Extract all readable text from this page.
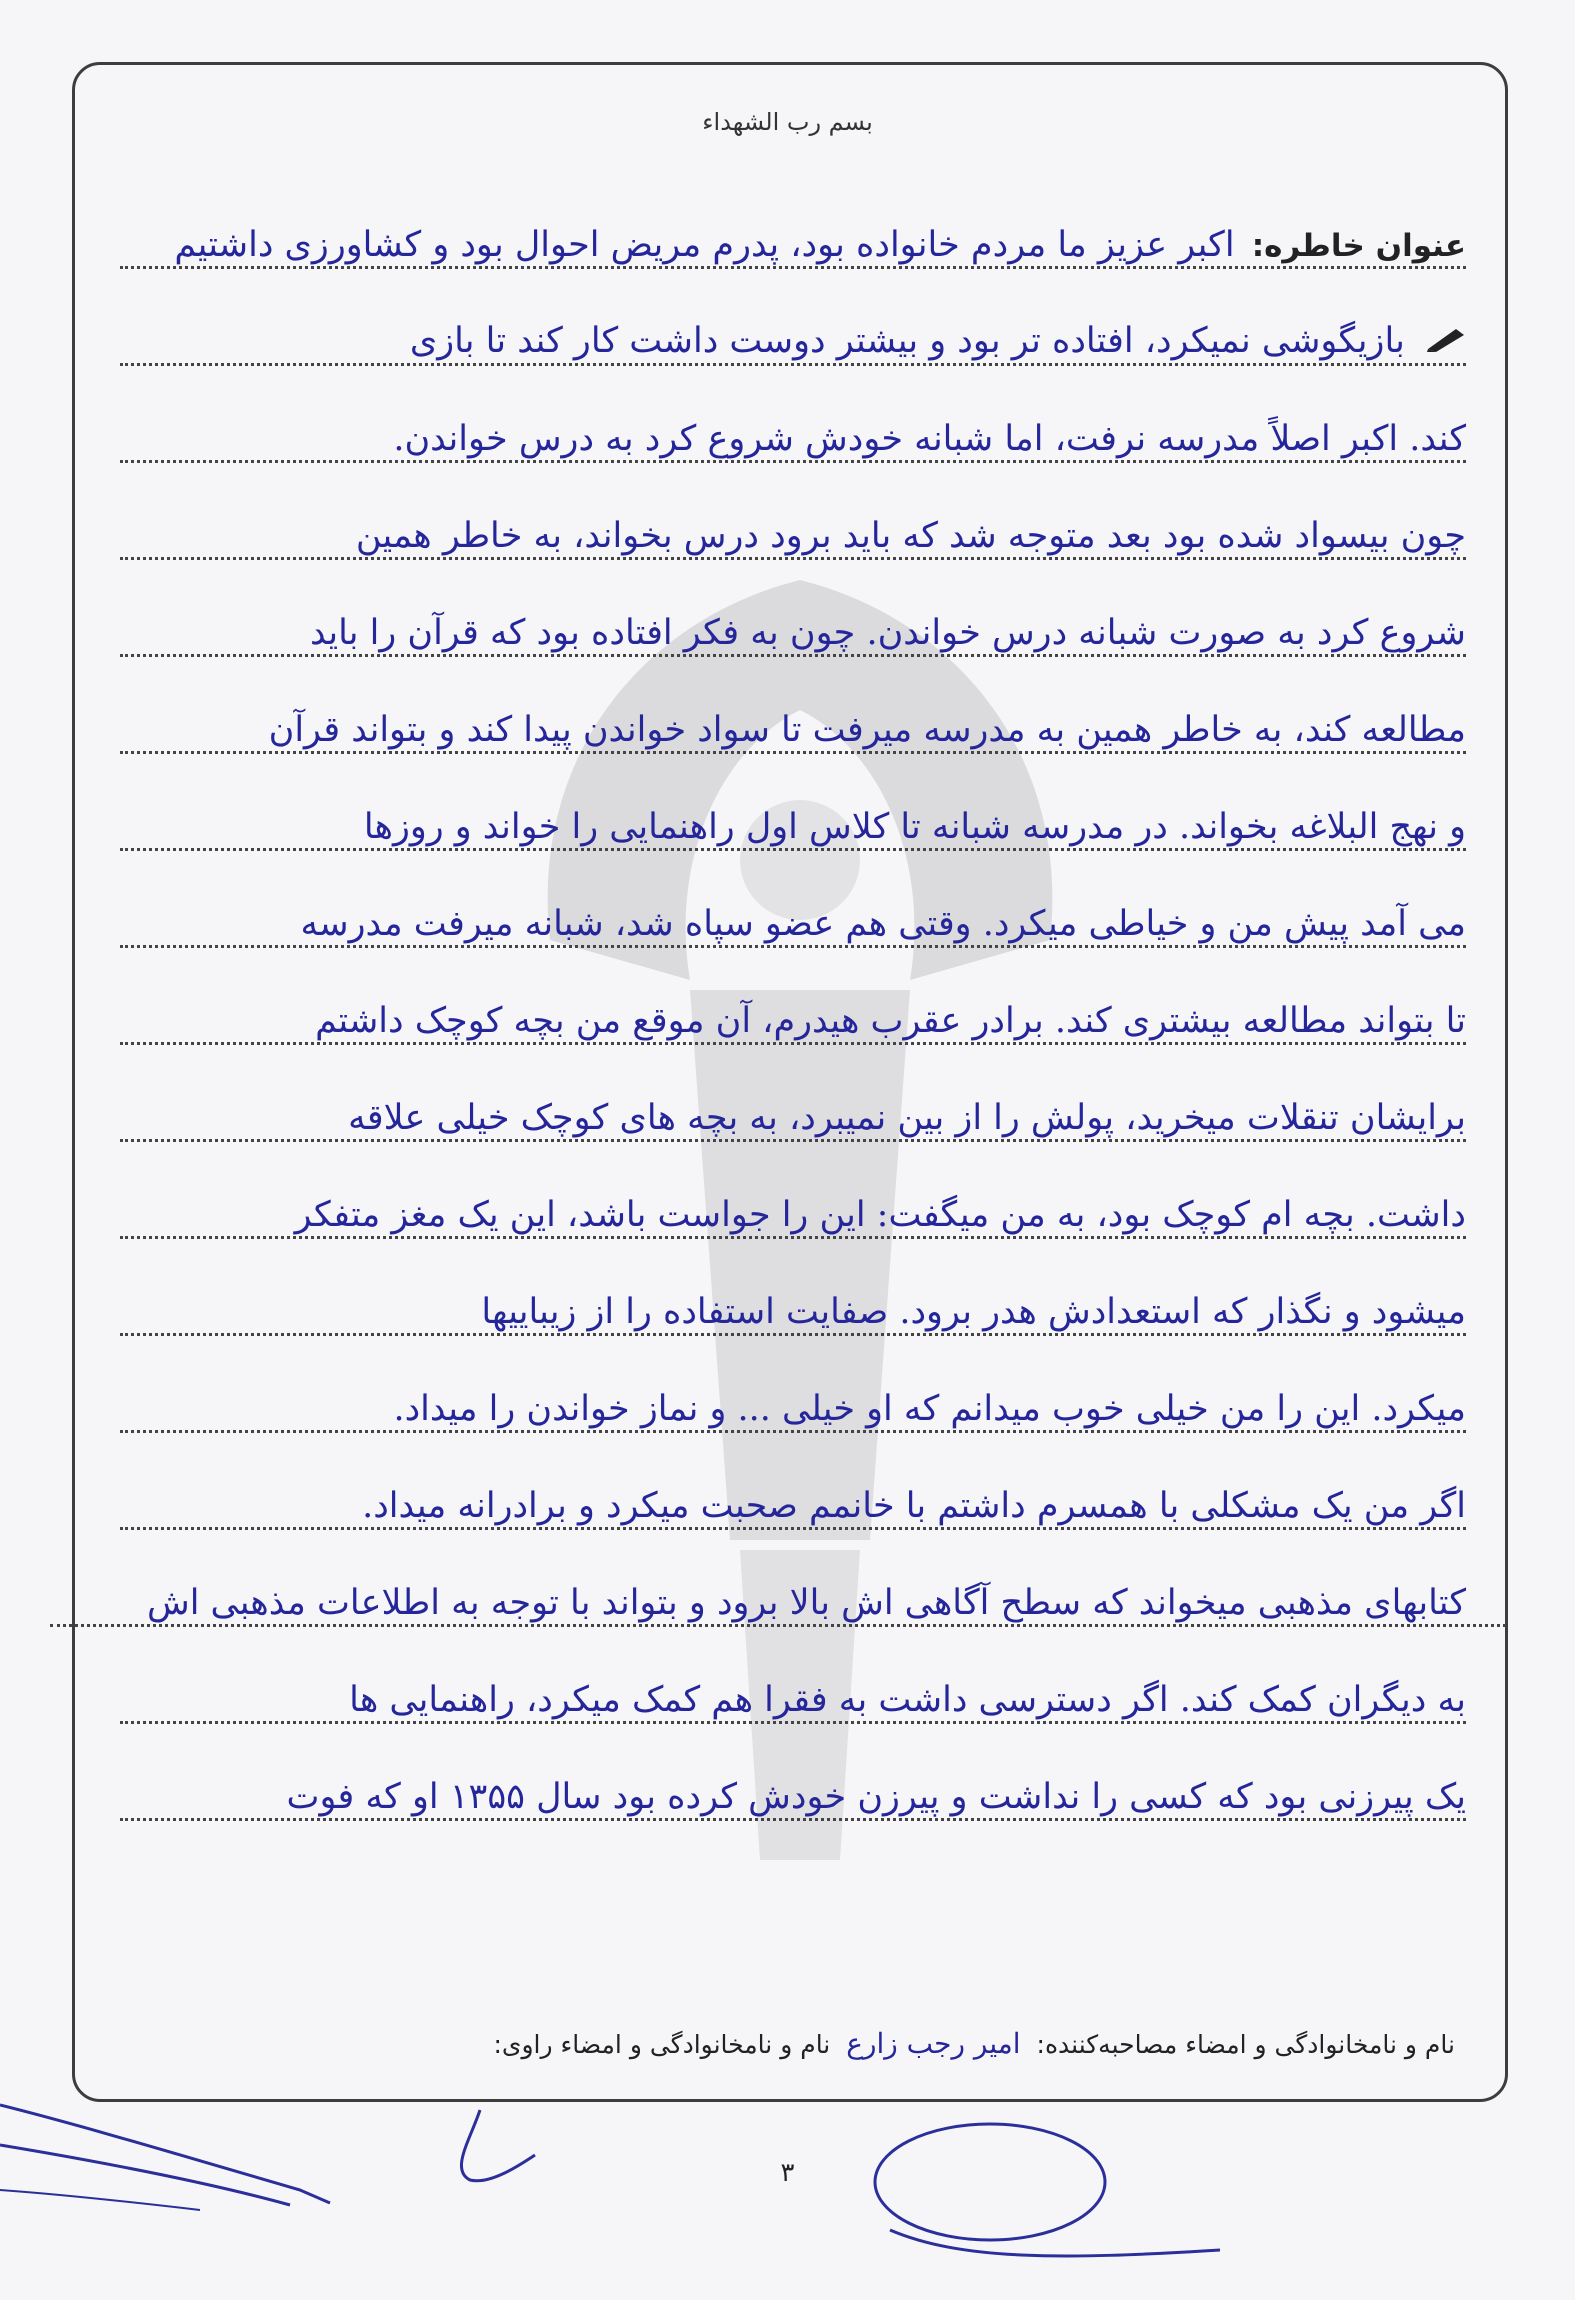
بسم رب الشهداء
عنوان خاطره: اکبر عزیز ما مردم خانواده بود، پدرم مریض احوال بود و کشاورزی داشتیم
بازیگوشی نمیکرد، افتاده تر بود و بیشتر دوست داشت کار کند تا بازی
کند. اکبر اصلاً مدرسه نرفت، اما شبانه خودش شروع کرد به درس خواندن.
چون بیسواد شده بود بعد متوجه شد که باید برود درس بخواند، به خاطر همین
شروع کرد به صورت شبانه درس خواندن. چون به فکر افتاده بود که قرآن را باید
مطالعه کند، به خاطر همین به مدرسه میرفت تا سواد خواندن پیدا کند و بتواند قرآن
و نهج البلاغه بخواند. در مدرسه شبانه تا کلاس اول راهنمایی را خواند و روزها
می آمد پیش من و خیاطی میکرد. وقتی هم عضو سپاه شد، شبانه میرفت مدرسه
تا بتواند مطالعه بیشتری کند. برادر عقرب هیدرم، آن موقع من بچه کوچک داشتم
برایشان تنقلات میخرید، پولش را از بین نمیبرد، به بچه های کوچک خیلی علاقه
داشت. بچه ام کوچک بود، به من میگفت: این را جواست باشد، این یک مغز متفکر
میشود و نگذار که استعدادش هدر برود. صفایت استفاده را از زیباییها
میکرد. این را من خیلی خوب میدانم که او خیلی ... و نماز خواندن را میداد.
اگر من یک مشکلی با همسرم داشتم با خانمم صحبت میکرد و برادرانه میداد.
کتابهای مذهبی میخواند که سطح آگاهی اش بالا برود و بتواند با توجه به اطلاعات مذهبی اش
به دیگران کمک کند. اگر دسترسی داشت به فقرا هم کمک میکرد، راهنمایی ها
یک پیرزنی بود که کسی را نداشت و پیرزن خودش کرده بود سال ۱۳۵۵ او که فوت
نام و نامخانوادگی و امضاء مصاحبه‌کننده: امیر رجب زارع نام و نامخانوادگی و امضاء راوی:
۳
